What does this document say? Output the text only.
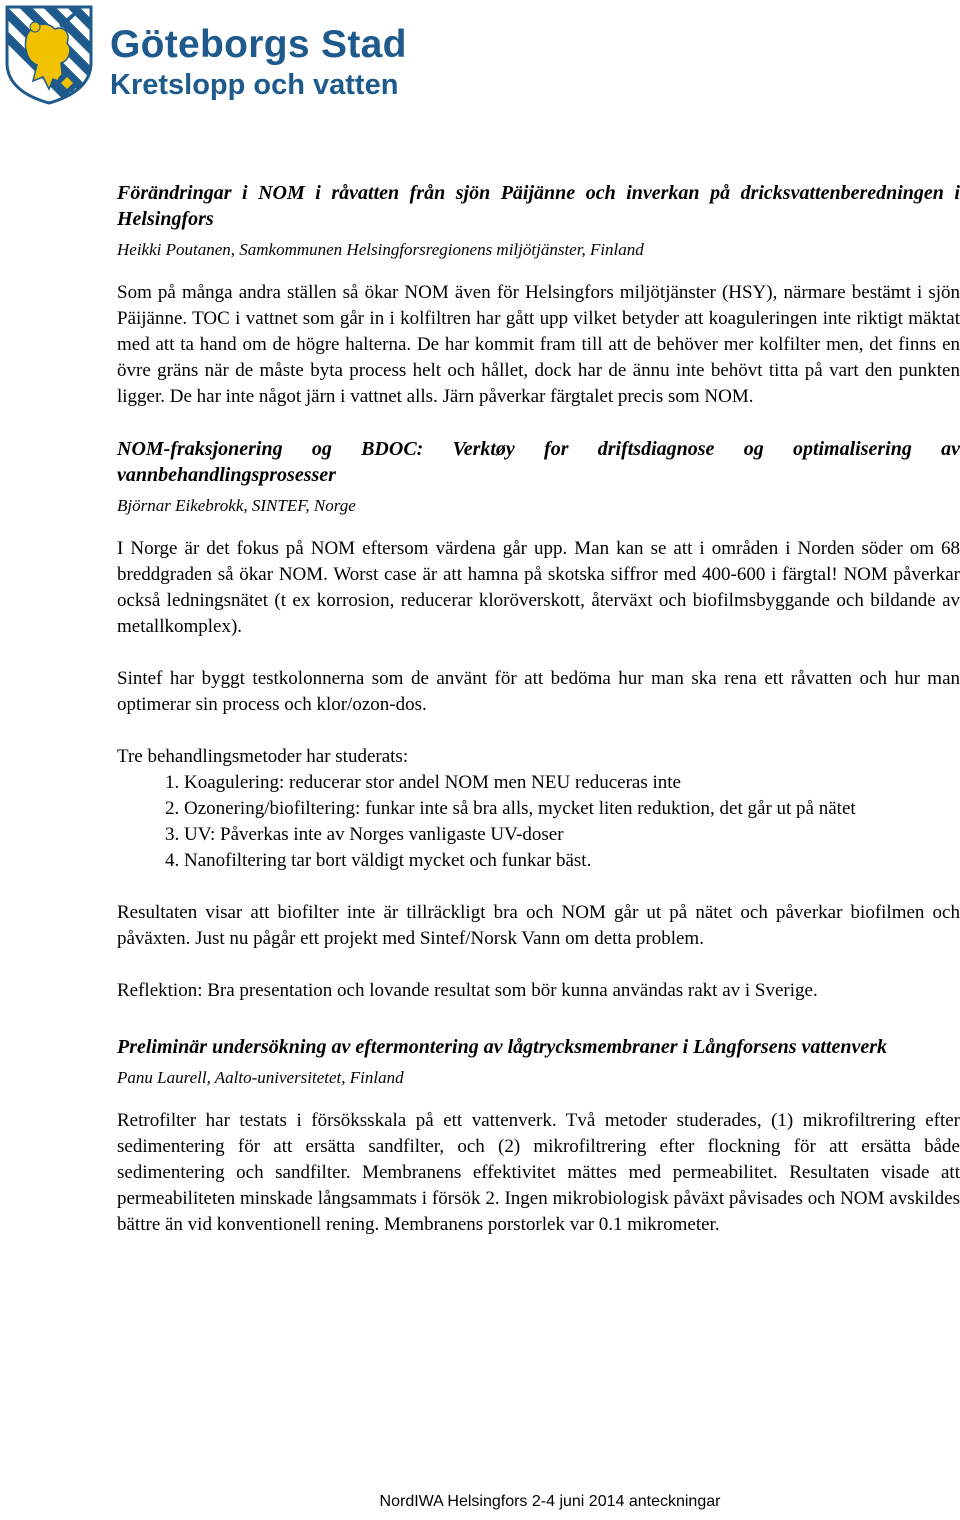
Göteborgs Stad
Kretslopp och vatten

Förändringar i NOM i råvatten från sjön Päijänne och inverkan på dricksvattenberedningen i Helsingfors

Heikki Poutanen, Samkommunen Helsingforsregionens miljötjänster, Finland

Som på många andra ställen så ökar NOM även för Helsingfors miljötjänster (HSY), närmare bestämt i sjön Päijänne. TOC i vattnet som går in i kolfiltren har gått upp vilket betyder att koaguleringen inte riktigt mäktat med att ta hand om de högre halterna. De har kommit fram till att de behöver mer kolfilter men, det finns en övre gräns när de måste byta process helt och hållet, dock har de ännu inte behövt titta på vart den punkten ligger. De har inte något järn i vattnet alls. Järn påverkar färgtalet precis som NOM.

NOM-fraksjonering og BDOC: Verktøy for driftsdiagnose og optimalisering av vannbehandlingsprosesser

Björnar Eikebrokk, SINTEF, Norge

I Norge är det fokus på NOM eftersom värdena går upp. Man kan se att i områden i Norden söder om 68 breddgraden så ökar NOM. Worst case är att hamna på skotska siffror med 400-600 i färgtal! NOM påverkar också ledningsnätet (t ex korrosion, reducerar kloröverskott, återväxt och biofilmsbyggande och bildande av metallkomplex).

Sintef har byggt testkolonnerna som de använt för att bedöma hur man ska rena ett råvatten och hur man optimerar sin process och klor/ozon-dos.

Tre behandlingsmetoder har studerats:

1. Koagulering: reducerar stor andel NOM men NEU reduceras inte
2. Ozonering/biofiltering: funkar inte så bra alls, mycket liten reduktion, det går ut på nätet
3. UV: Påverkas inte av Norges vanligaste UV-doser
4. Nanofiltering tar bort väldigt mycket och funkar bäst.

Resultaten visar att biofilter inte är tillräckligt bra och NOM går ut på nätet och påverkar biofilmen och påväxten. Just nu pågår ett projekt med Sintef/Norsk Vann om detta problem.

Reflektion: Bra presentation och lovande resultat som bör kunna användas rakt av i Sverige.

Preliminär undersökning av eftermontering av lågtrycksmembraner i Långforsens vattenverk

Panu Laurell, Aalto-universitetet, Finland

Retrofilter har testats i försöksskala på ett vattenverk. Två metoder studerades, (1) mikrofiltrering efter sedimentering för att ersätta sandfilter, och (2) mikrofiltrering efter flockning för att ersätta både sedimentering och sandfilter. Membranens effektivitet mättes med permeabilitet. Resultaten visade att permeabiliteten minskade långsammats i försök 2. Ingen mikrobiologisk påväxt påvisades och NOM avskildes bättre än vid konventionell rening. Membranens porstorlek var 0.1 mikrometer.

NordIWA Helsingfors 2-4 juni 2014 anteckningar
